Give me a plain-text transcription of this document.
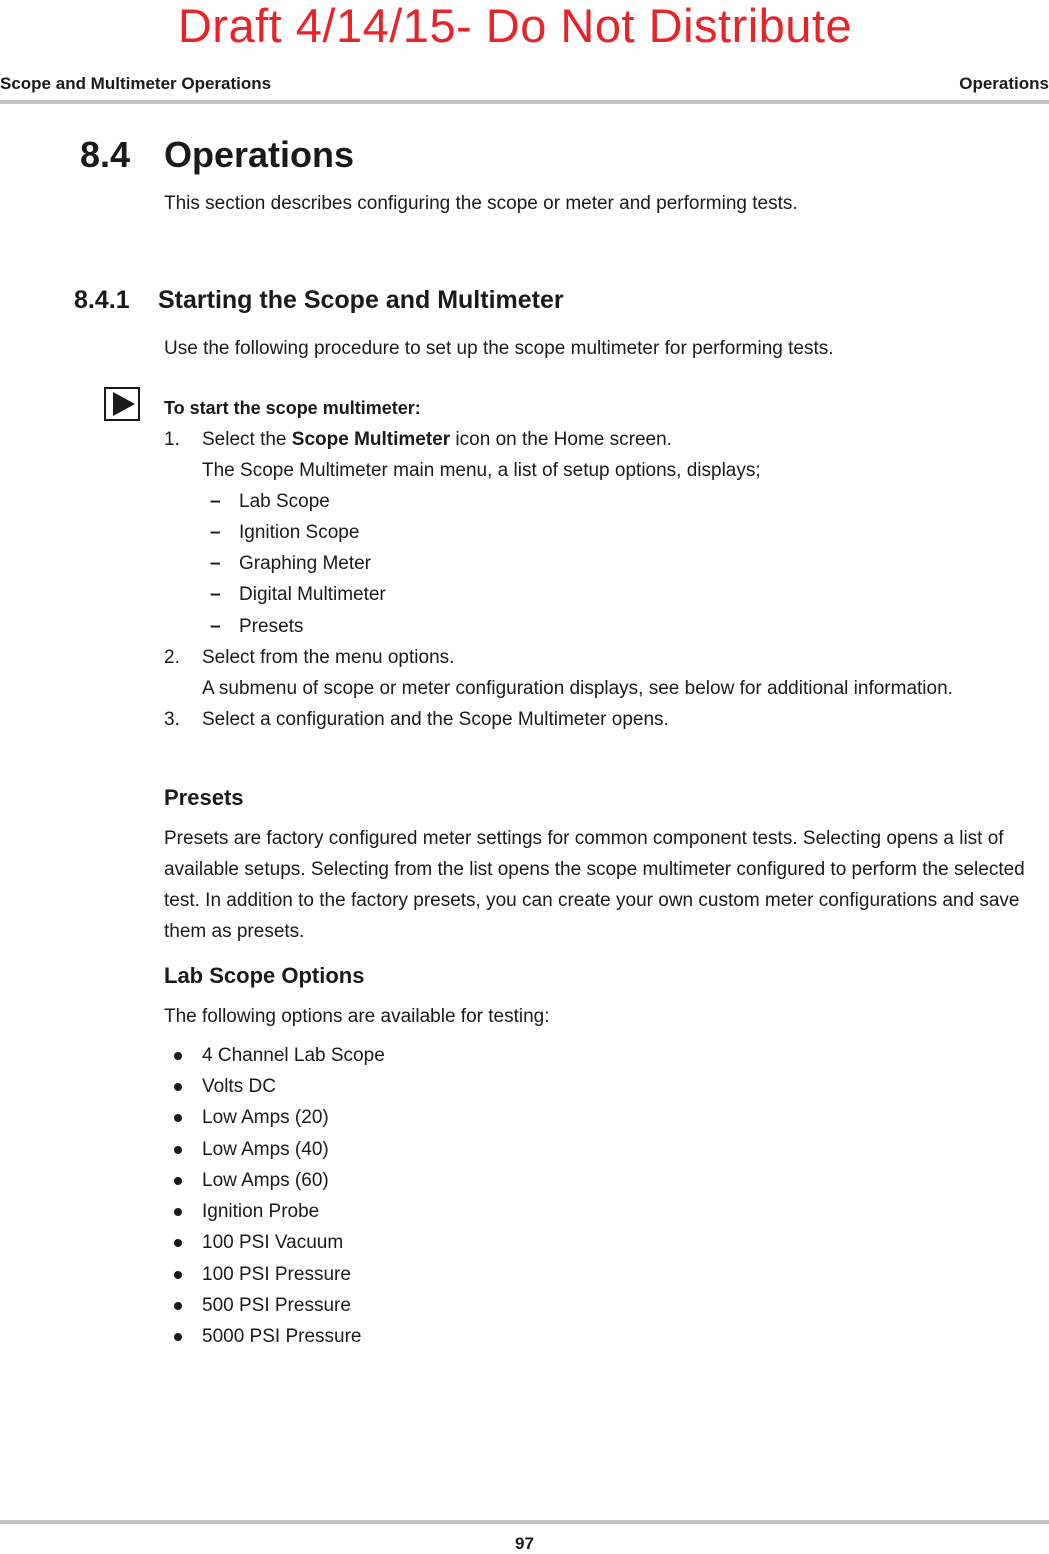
Draft 4/14/15- Do Not Distribute
Scope and Multimeter Operations	Operations
8.4 Operations
This section describes configuring the scope or meter and performing tests.
8.4.1 Starting the Scope and Multimeter
Use the following procedure to set up the scope multimeter for performing tests.
To start the scope multimeter:
1. Select the Scope Multimeter icon on the Home screen.
The Scope Multimeter main menu, a list of setup options, displays;
– Lab Scope
– Ignition Scope
– Graphing Meter
– Digital Multimeter
– Presets
2. Select from the menu options.
A submenu of scope or meter configuration displays, see below for additional information.
3. Select a configuration and the Scope Multimeter opens.
Presets
Presets are factory configured meter settings for common component tests. Selecting opens a list of available setups. Selecting from the list opens the scope multimeter configured to perform the selected test. In addition to the factory presets, you can create your own custom meter configurations and save them as presets.
Lab Scope Options
The following options are available for testing:
4 Channel Lab Scope
Volts DC
Low Amps (20)
Low Amps (40)
Low Amps (60)
Ignition Probe
100 PSI Vacuum
100 PSI Pressure
500 PSI Pressure
5000 PSI Pressure
97
